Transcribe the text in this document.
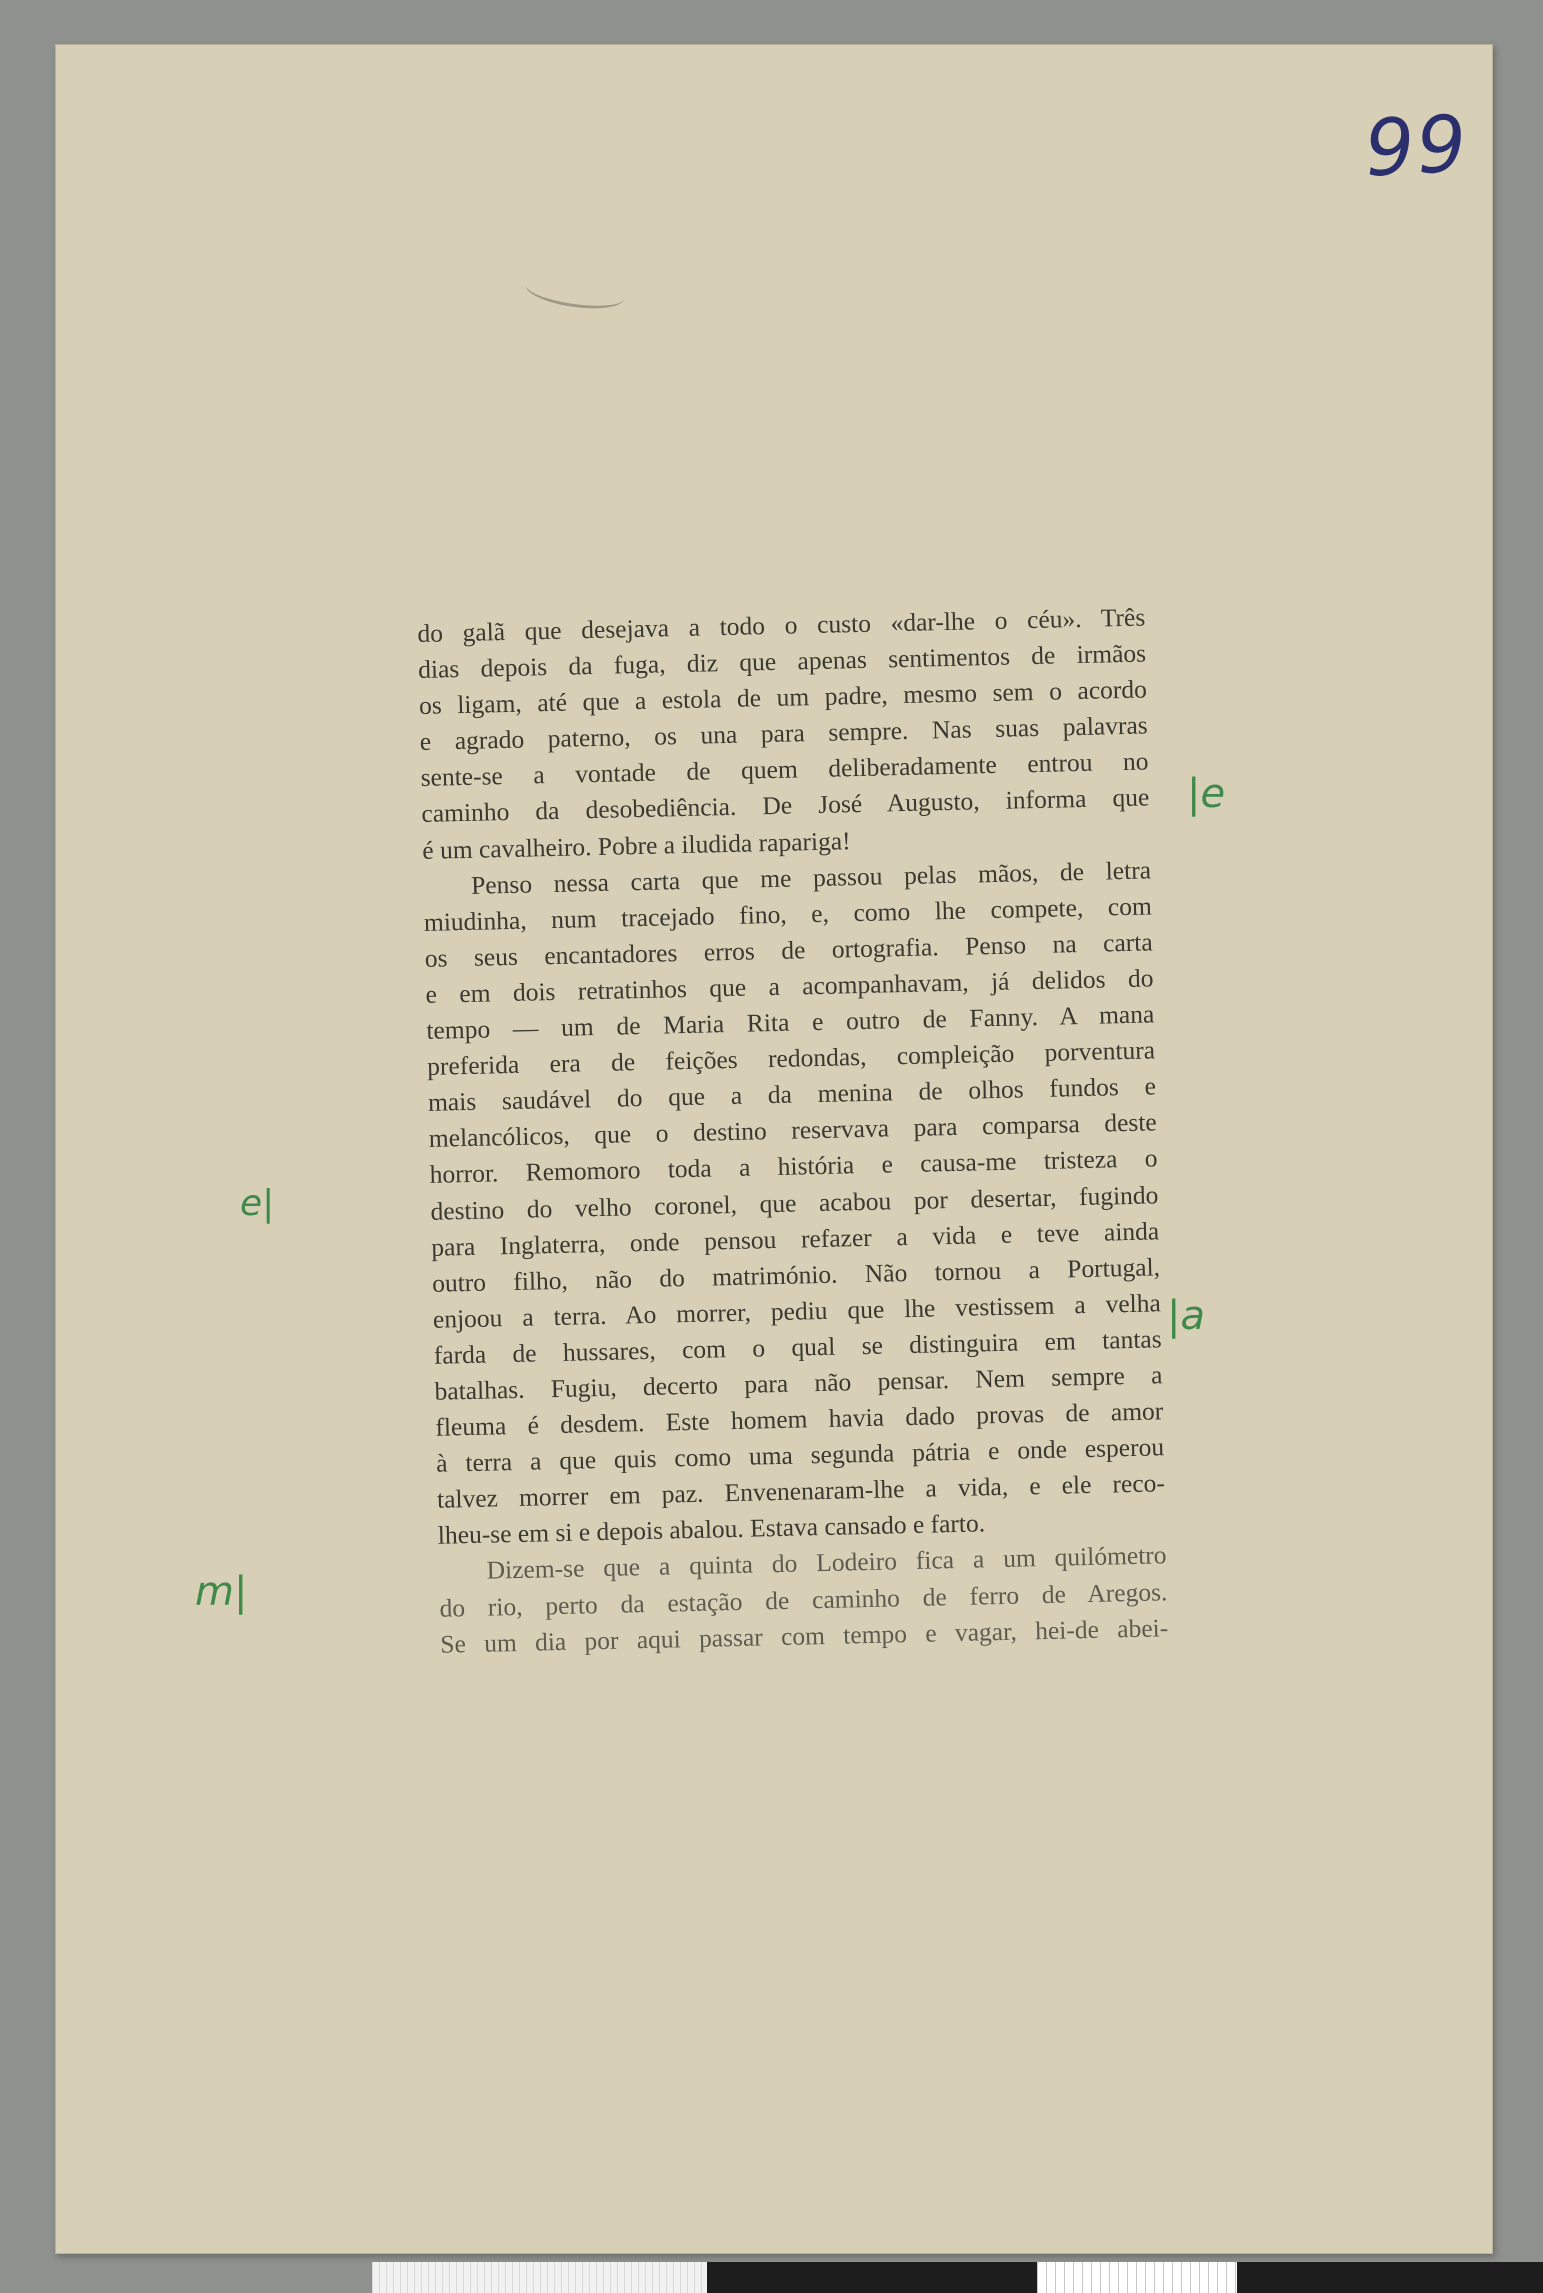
99
do galã que desejava a todo o custo «dar-lhe o céu». Três
dias depois da fuga, diz que apenas sentimentos de irmãos
os ligam, até que a estola de um padre, mesmo sem o acordo
e agrado paterno, os una para sempre. Nas suas palavras
sente-se a vontade de quem deliberadamente entrou no
caminho da desobediência. De José Augusto, informa que
é um cavalheiro. Pobre a iludida rapariga!
Penso nessa carta que me passou pelas mãos, de letra
miudinha, num tracejado fino, e, como lhe compete, com
os seus encantadores erros de ortografia. Penso na carta
e em dois retratinhos que a acompanhavam, já delidos do
tempo — um de Maria Rita e outro de Fanny. A mana
preferida era de feições redondas, compleição porventura
mais saudável do que a da menina de olhos fundos e
melancólicos, que o destino reservava para comparsa deste
horror. Remomoro toda a história e causa-me tristeza o
destino do velho coronel, que acabou por desertar, fugindo
para Inglaterra, onde pensou refazer a vida e teve ainda
outro filho, não do matrimónio. Não tornou a Portugal,
enjoou a terra. Ao morrer, pediu que lhe vestissem a velha
farda de hussares, com o qual se distinguira em tantas
batalhas. Fugiu, decerto para não pensar. Nem sempre a
fleuma é desdem. Este homem havia dado provas de amor
à terra a que quis como uma segunda pátria e onde esperou
talvez morrer em paz. Envenenaram-lhe a vida, e ele reco-
lheu-se em si e depois abalou. Estava cansado e farto.
Dizem-se que a quinta do Lodeiro fica a um quilómetro
do rio, perto da estação de caminho de ferro de Aregos.
Se um dia por aqui passar com tempo e vagar, hei-de abei-
|e
|a
e|
m|
